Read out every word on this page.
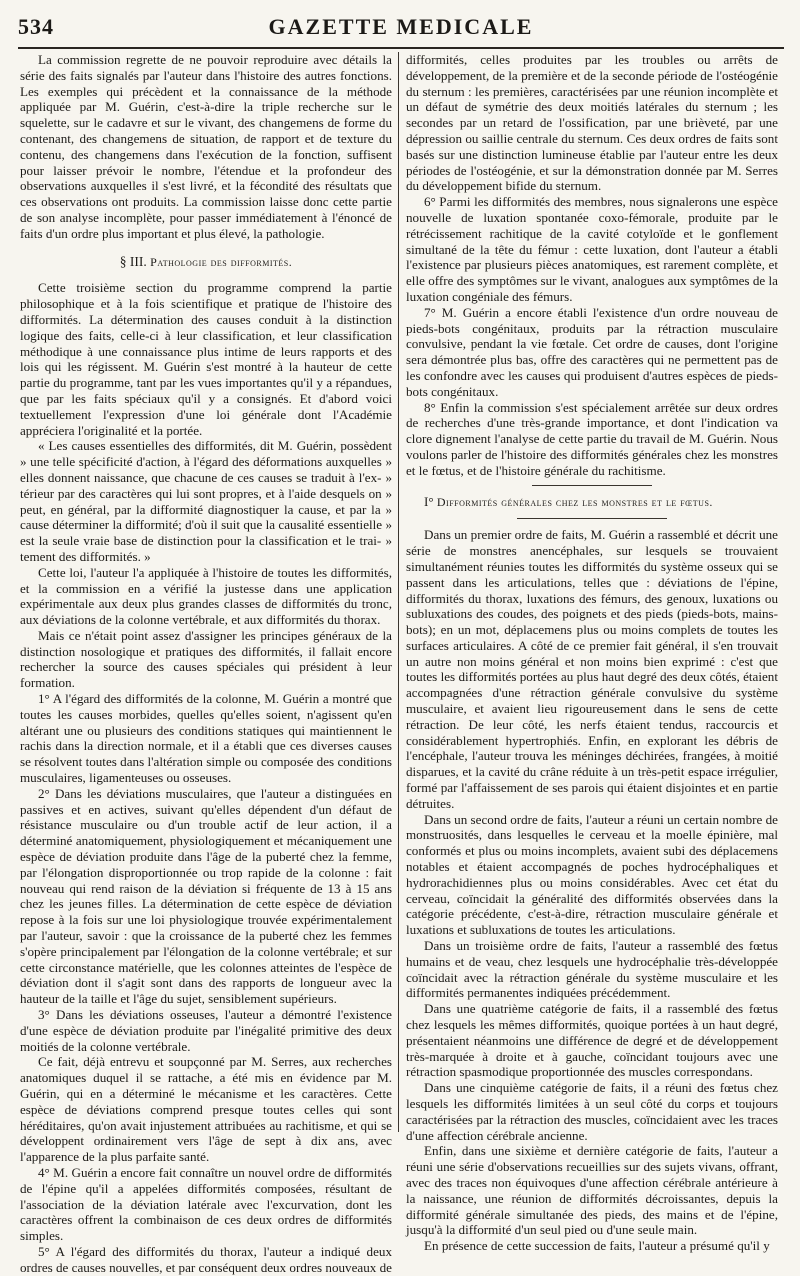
534	GAZETTE MEDICALE

La commission regrette de ne pouvoir reproduire avec détails la série des faits signalés par l'auteur dans l'histoire des autres fonctions. Les exemples qui précèdent et la connaissance de la méthode appliquée par M. Guérin, c'est-à-dire la triple recherche sur le squelette, sur le cadavre et sur le vivant, des changemens de forme du contenant, des changemens de situation, de rapport et de texture du contenu, des changemens dans l'exécution de la fonction, suffisent pour laisser prévoir le nombre, l'étendue et la profondeur des observations auxquelles il s'est livré, et la fécondité des résultats que ces observations ont produits. La commission laisse donc cette partie de son analyse incomplète, pour passer immédiatement à l'énoncé de faits d'un ordre plus important et plus élevé, la pathologie.

§ III. Pathologie des difformités.

Cette troisième section du programme comprend la partie philosophique et à la fois scientifique et pratique de l'histoire des difformités. La détermination des causes conduit à la distinction logique des faits, celle-ci à leur classification, et leur classification méthodique à une connaissance plus intime de leurs rapports et des lois qui les régissent. M. Guérin s'est montré à la hauteur de cette partie du programme, tant par les vues importantes qu'il y a répandues, que par les faits spéciaux qu'il y a consignés. Et d'abord voici textuellement l'expression d'une loi générale dont l'Académie appréciera l'originalité et la portée.

« Les causes essentielles des difformités, dit M. Guérin, possèdent » une telle spécificité d'action, à l'égard des déformations auxquelles » elles donnent naissance, que chacune de ces causes se traduit à l'ex- » térieur par des caractères qui lui sont propres, et à l'aide desquels on » peut, en général, par la difformité diagnostiquer la cause, et par la » cause déterminer la difformité; d'où il suit que la causalité essentielle » est la seule vraie base de distinction pour la classification et le trai- » tement des difformités. »

Cette loi, l'auteur l'a appliquée à l'histoire de toutes les difformités, et la commission en a vérifié la justesse dans une application expérimentale aux deux plus grandes classes de difformités du tronc, aux déviations de la colonne vertébrale, et aux difformités du thorax.

Mais ce n'était point assez d'assigner les principes généraux de la distinction nosologique et pratiques des difformités, il fallait encore rechercher la source des causes spéciales qui président à leur formation.

1° A l'égard des difformités de la colonne, M. Guérin a montré que toutes les causes morbides, quelles qu'elles soient, n'agissent qu'en altérant une ou plusieurs des conditions statiques qui maintiennent le rachis dans la direction normale, et il a établi que ces diverses causes se résolvent toutes dans l'altération simple ou composée des conditions musculaires, ligamenteuses ou osseuses.

2° Dans les déviations musculaires, que l'auteur a distinguées en passives et en actives, suivant qu'elles dépendent d'un défaut de résistance musculaire ou d'un trouble actif de leur action, il a déterminé anatomiquement, physiologiquement et mécaniquement une espèce de déviation produite dans l'âge de la puberté chez la femme, par l'élongation disproportionnée ou trop rapide de la colonne : fait nouveau qui rend raison de la déviation si fréquente de 13 à 15 ans chez les jeunes filles. La détermination de cette espèce de déviation repose à la fois sur une loi physiologique trouvée expérimentalement par l'auteur, savoir : que la croissance de la puberté chez les femmes s'opère principalement par l'élongation de la colonne vertébrale; et sur cette circonstance matérielle, que les colonnes atteintes de l'espèce de déviation dont il s'agit sont dans des rapports de longueur avec la hauteur de la taille et l'âge du sujet, sensiblement supérieurs.

3° Dans les déviations osseuses, l'auteur a démontré l'existence d'une espèce de déviation produite par l'inégalité primitive des deux moitiés de la colonne vertébrale.

Ce fait, déjà entrevu et soupçonné par M. Serres, aux recherches anatomiques duquel il se rattache, a été mis en évidence par M. Guérin, qui en a déterminé le mécanisme et les caractères. Cette espèce de déviations comprend presque toutes celles qui sont héréditaires, qu'on avait injustement attribuées au rachitisme, et qui se développent ordinairement vers l'âge de sept à dix ans, avec l'apparence de la plus parfaite santé.

4° M. Guérin a encore fait connaître un nouvel ordre de difformités de l'épine qu'il a appelées difformités composées, résultant de l'association de la déviation latérale avec l'excurvation, dont les caractères offrent la combinaison de ces deux ordres de difformités simples.

5° A l'égard des difformités du thorax, l'auteur a indiqué deux ordres de causes nouvelles, et par conséquent deux ordres nouveaux de

difformités, celles produites par les troubles ou arrêts de développement, de la première et de la seconde période de l'ostéogénie du sternum : les premières, caractérisées par une réunion incomplète et un défaut de symétrie des deux moitiés latérales du sternum ; les secondes par un retard de l'ossification, par une brièveté, par une dépression ou saillie centrale du sternum. Ces deux ordres de faits sont basés sur une distinction lumineuse établie par l'auteur entre les deux périodes de l'ostéogénie, et sur la démonstration donnée par M. Serres du développement bifide du sternum.

6° Parmi les difformités des membres, nous signalerons une espèce nouvelle de luxation spontanée coxo-fémorale, produite par le rétrécissement rachitique de la cavité cotyloïde et le gonflement simultané de la tête du fémur : cette luxation, dont l'auteur a établi l'existence par plusieurs pièces anatomiques, est rarement complète, et elle offre des symptômes sur le vivant, analogues aux symptômes de la luxation congéniale des fémurs.

7° M. Guérin a encore établi l'existence d'un ordre nouveau de pieds-bots congénitaux, produits par la rétraction musculaire convulsive, pendant la vie fœtale. Cet ordre de causes, dont l'origine sera démontrée plus bas, offre des caractères qui ne permettent pas de les confondre avec les causes qui produisent d'autres espèces de pieds-bots congénitaux.

8° Enfin la commission s'est spécialement arrêtée sur deux ordres de recherches d'une très-grande importance, et dont l'indication va clore dignement l'analyse de cette partie du travail de M. Guérin. Nous voulons parler de l'histoire des difformités générales chez les monstres et le fœtus, et de l'histoire générale du rachitisme.

I° Difformités générales chez les monstres et le fœtus.

Dans un premier ordre de faits, M. Guérin a rassemblé et décrit une série de monstres anencéphales, sur lesquels se trouvaient simultanément réunies toutes les difformités du système osseux qui se passent dans les articulations, telles que : déviations de l'épine, difformités du thorax, luxations des fémurs, des genoux, luxations ou subluxations des coudes, des poignets et des pieds (pieds-bots, mains-bots); en un mot, déplacemens plus ou moins complets de toutes les surfaces articulaires. A côté de ce premier fait général, il s'en trouvait un autre non moins général et non moins bien exprimé : c'est que toutes les difformités portées au plus haut degré des deux côtés, étaient accompagnées d'une rétraction générale convulsive du système musculaire, et avaient lieu rigoureusement dans le sens de cette rétraction. De leur côté, les nerfs étaient tendus, raccourcis et considérablement hypertrophiés. Enfin, en explorant les débris de l'encéphale, l'auteur trouva les méninges déchirées, frangées, à moitié disparues, et la cavité du crâne réduite à un très-petit espace irrégulier, formé par l'affaissement de ses parois qui étaient disjointes et en partie détruites.

Dans un second ordre de faits, l'auteur a réuni un certain nombre de monstruosités, dans lesquelles le cerveau et la moelle épinière, mal conformés et plus ou moins incomplets, avaient subi des déplacemens notables et étaient accompagnés de poches hydrocéphaliques et hydrorachidiennes plus ou moins considérables. Avec cet état du cerveau, coïncidait la généralité des difformités observées dans la catégorie précédente, c'est-à-dire, rétraction musculaire générale et luxations et subluxations de toutes les articulations.

Dans un troisième ordre de faits, l'auteur a rassemblé des fœtus humains et de veau, chez lesquels une hydrocéphalie très-développée coïncidait avec la rétraction générale du système musculaire et les difformités permanentes indiquées précédemment.

Dans une quatrième catégorie de faits, il a rassemblé des fœtus chez lesquels les mêmes difformités, quoique portées à un haut degré, présentaient néanmoins une différence de degré et de développement très-marquée à droite et à gauche, coïncidant toujours avec une rétraction spasmodique proportionnée des muscles correspondans.

Dans une cinquième catégorie de faits, il a réuni des fœtus chez lesquels les difformités limitées à un seul côté du corps et toujours caractérisées par la rétraction des muscles, coïncidaient avec les traces d'une affection cérébrale ancienne.

Enfin, dans une sixième et dernière catégorie de faits, l'auteur a réuni une série d'observations recueillies sur des sujets vivans, offrant, avec des traces non équivoques d'une affection cérébrale antérieure à la naissance, une réunion de difformités décroissantes, depuis la difformité générale simultanée des pieds, des mains et de l'épine, jusqu'à la difformité d'un seul pied ou d'une seule main.

En présence de cette succession de faits, l'auteur a présumé qu'il y
